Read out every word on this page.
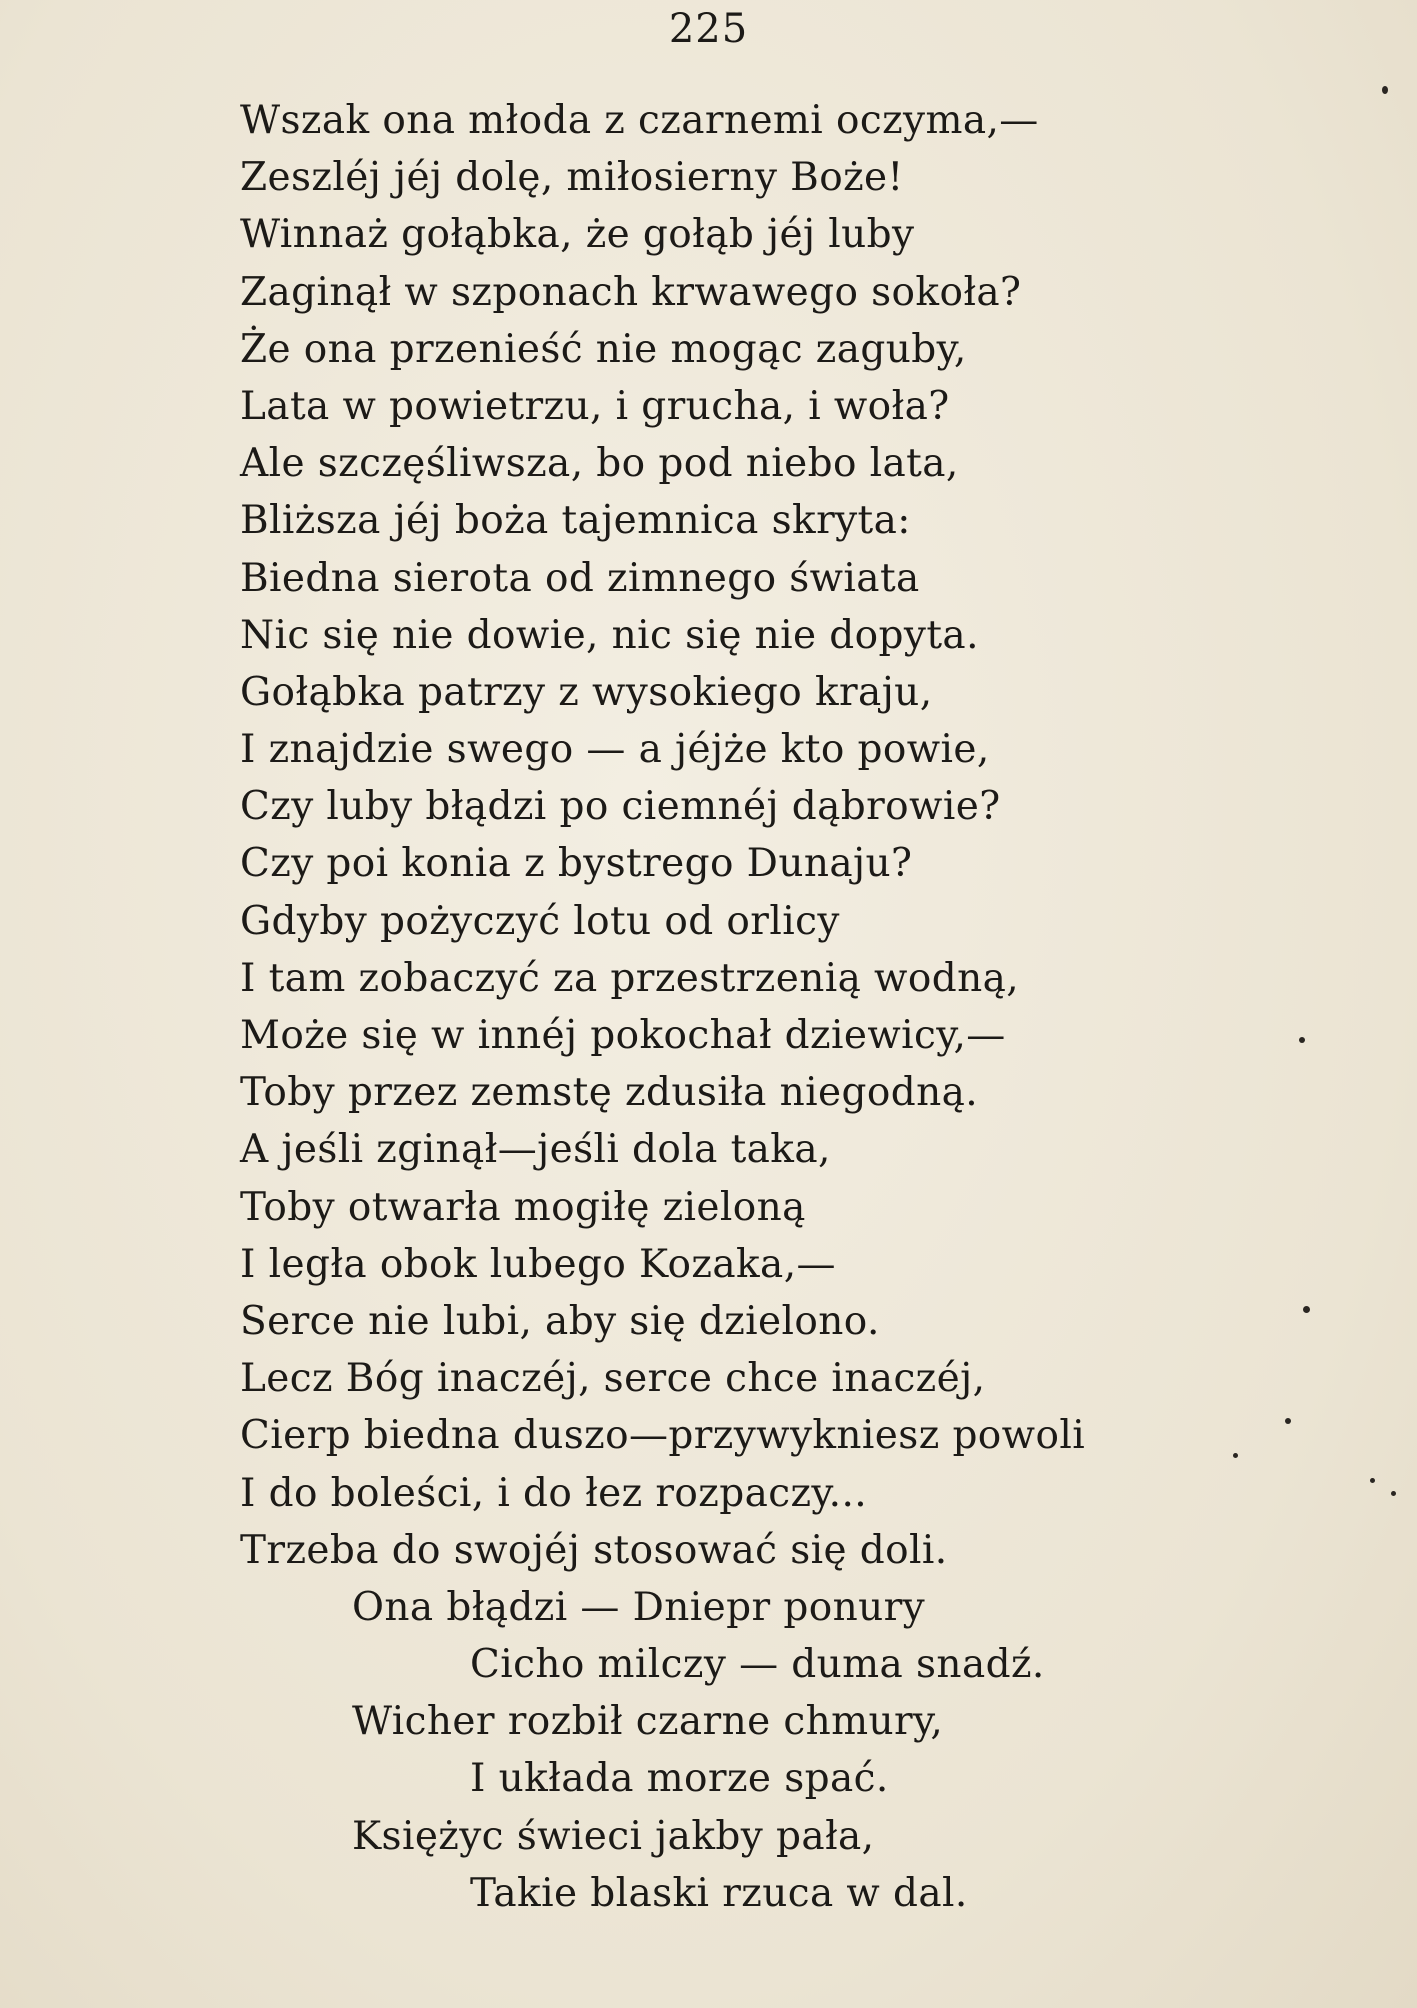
225
Wszak ona młoda z czarnemi oczyma,—
Zeszléj jéj dolę, miłosierny Boże!
Winnaż gołąbka, że gołąb jéj luby
Zaginął w szponach krwawego sokoła?
Że ona przenieść nie mogąc zaguby,
Lata w powietrzu, i grucha, i woła?
Ale szczęśliwsza, bo pod niebo lata,
Bliższa jéj boża tajemnica skryta:
Biedna sierota od zimnego świata
Nic się nie dowie, nic się nie dopyta.
Gołąbka patrzy z wysokiego kraju,
I znajdzie swego — a jéjże kto powie,
Czy luby błądzi po ciemnéj dąbrowie?
Czy poi konia z bystrego Dunaju?
Gdyby pożyczyć lotu od orlicy
I tam zobaczyć za przestrzenią wodną,
Może się w innéj pokochał dziewicy,—
Toby przez zemstę zdusiła niegodną.
A jeśli zginął—jeśli dola taka,
Toby otwarła mogiłę zieloną
I legła obok lubego Kozaka,—
Serce nie lubi, aby się dzielono.
Lecz Bóg inaczéj, serce chce inaczéj,
Cierp biedna duszo—przywykniesz powoli
I do boleści, i do łez rozpaczy...
Trzeba do swojéj stosować się doli.
Ona błądzi — Dniepr ponury
Cicho milczy — duma snadź.
Wicher rozbił czarne chmury,
I układa morze spać.
Księżyc świeci jakby pała,
Takie blaski rzuca w dal.
